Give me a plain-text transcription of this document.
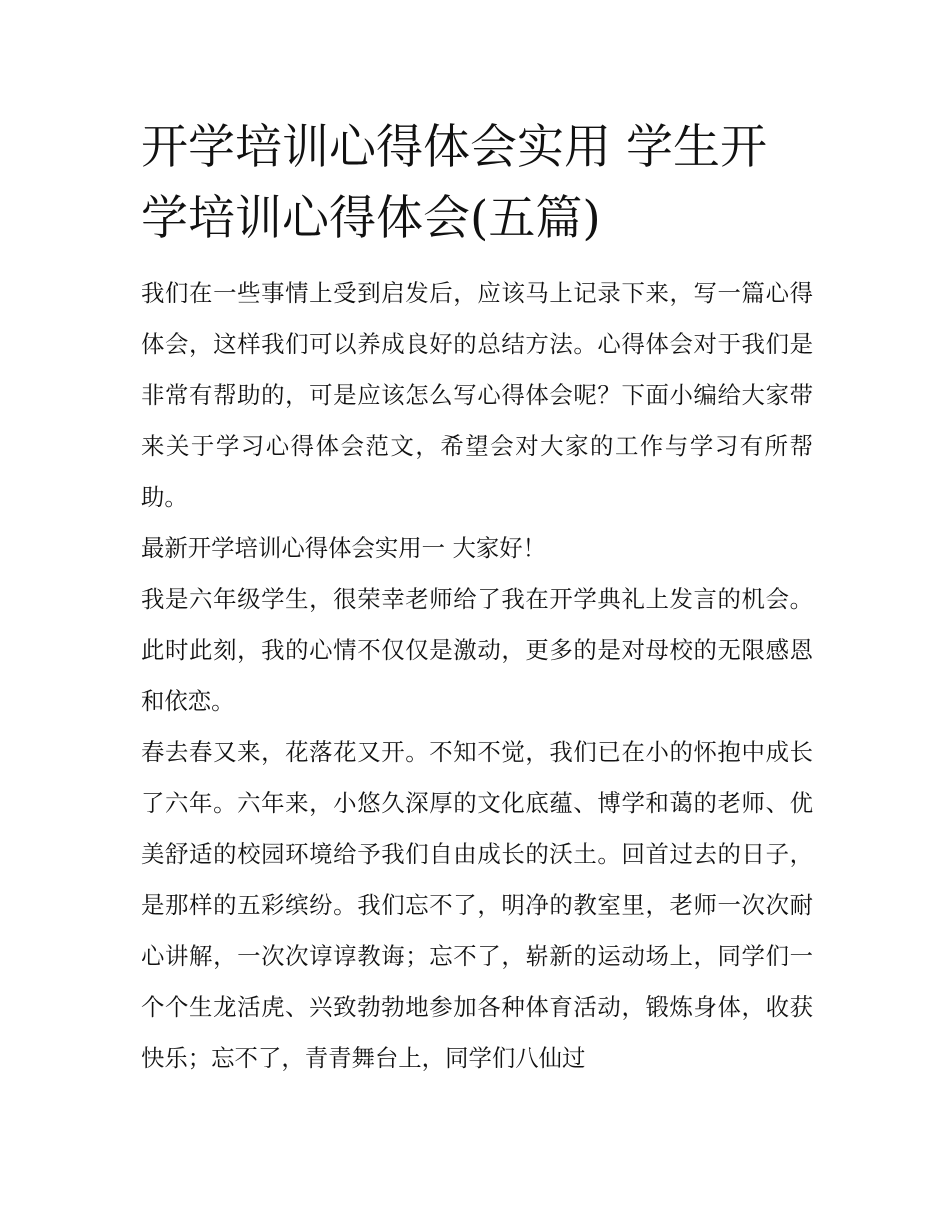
开学培训心得体会实用 学生开学培训心得体会(五篇)

我们在一些事情上受到启发后，应该马上记录下来，写一篇心得体会，这样我们可以养成良好的总结方法。心得体会对于我们是非常有帮助的，可是应该怎么写心得体会呢？下面小编给大家带来关于学习心得体会范文，希望会对大家的工作与学习有所帮助。

最新开学培训心得体会实用一 大家好！

我是六年级学生，很荣幸老师给了我在开学典礼上发言的机会。此时此刻，我的心情不仅仅是激动，更多的是对母校的无限感恩和依恋。

春去春又来，花落花又开。不知不觉，我们已在小的怀抱中成长了六年。六年来，小悠久深厚的文化底蕴、博学和蔼的老师、优美舒适的校园环境给予我们自由成长的沃土。回首过去的日子，是那样的五彩缤纷。我们忘不了，明净的教室里，老师一次次耐心讲解，一次次谆谆教诲；忘不了，崭新的运动场上，同学们一个个生龙活虎、兴致勃勃地参加各种体育活动，锻炼身体，收获快乐；忘不了，青青舞台上，同学们八仙过
